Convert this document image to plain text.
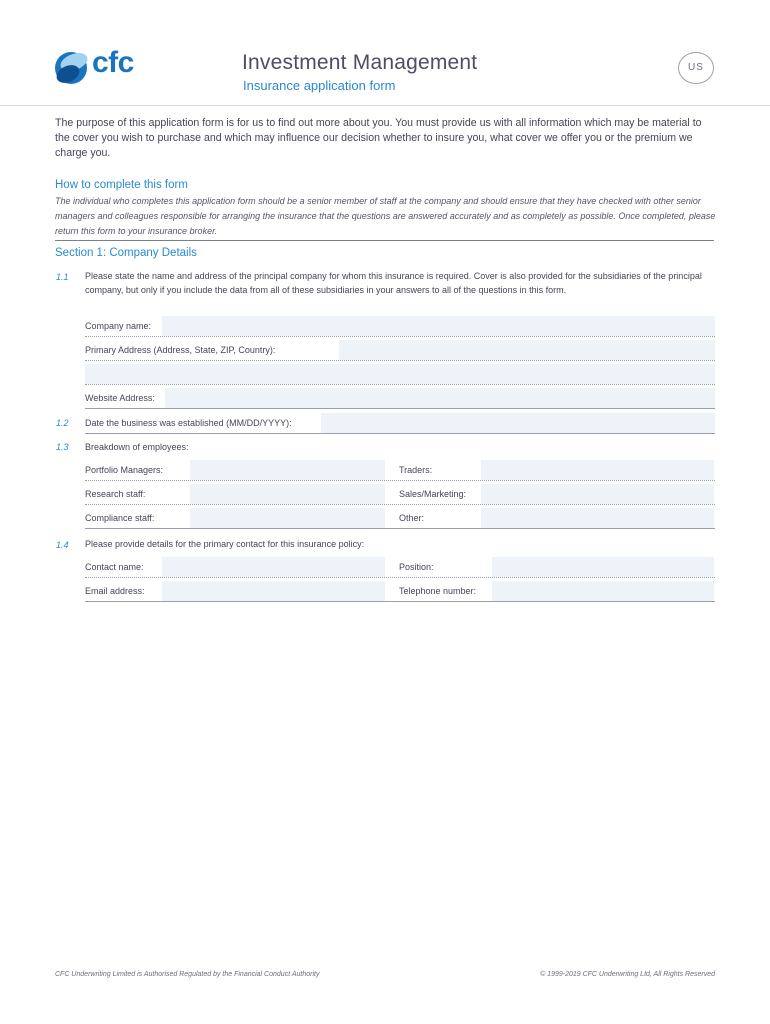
cfc	Investment Management
Insurance application form
US
The purpose of this application form is for us to find out more about you. You must provide us with all information which may be material to the cover you wish to purchase and which may influence our decision whether to insure you, what cover we offer you or the premium we charge you.
How to complete this form
The individual who completes this application form should be a senior member of staff at the company and should ensure that they have checked with other senior managers and colleagues responsible for arranging the insurance that the questions are answered accurately and as completely as possible. Once completed, please return this form to your insurance broker.
Section 1: Company Details
1.1 Please state the name and address of the principal company for whom this insurance is required. Cover is also provided for the subsidiaries of the principal company, but only if you include the data from all of these subsidiaries in your answers to all of the questions in this form.
Company name:
Primary Address (Address, State, ZIP, Country):
Website Address:
1.2 Date the business was established (MM/DD/YYYY):
1.3 Breakdown of employees:
Portfolio Managers:	Traders:
Research staff:	Sales/Marketing:
Compliance staff:	Other:
1.4 Please provide details for the primary contact for this insurance policy:
Contact name:	Position:
Email address:	Telephone number:
CFC Underwriting Limited is Authorised Regulated by the Financial Conduct Authority	© 1999-2019 CFC Underwriting Ltd, All Rights Reserved
